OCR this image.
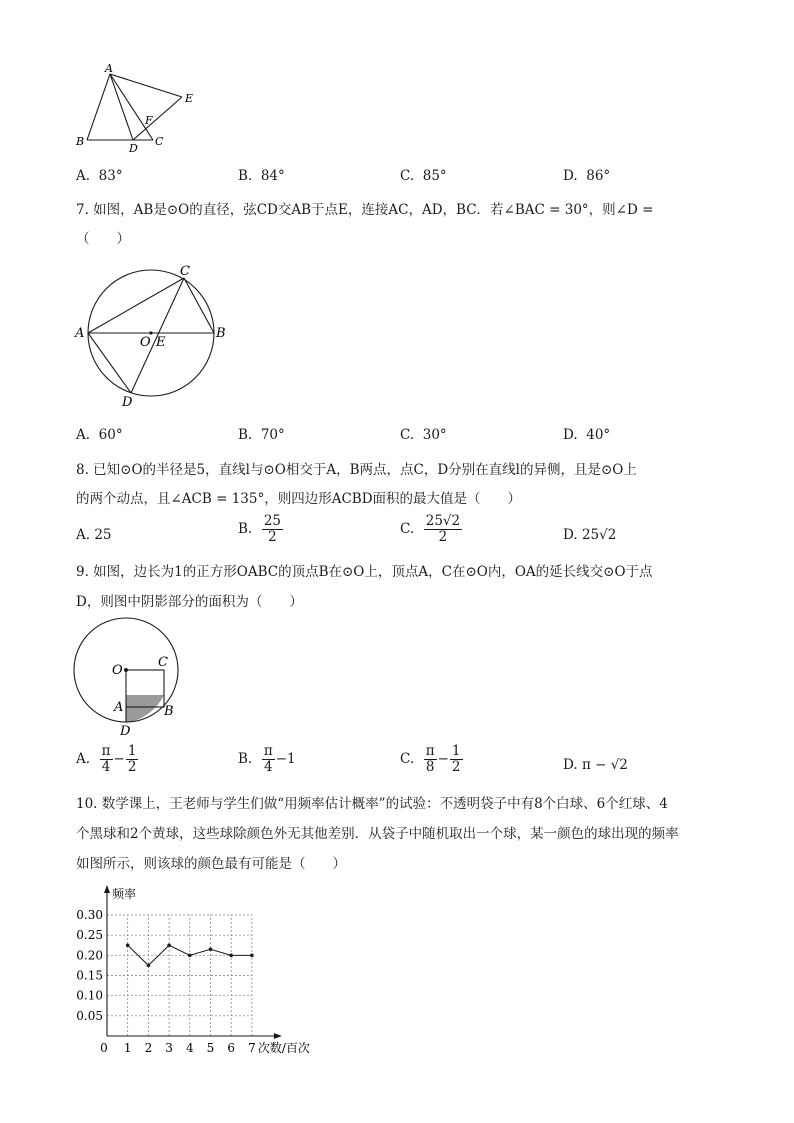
A
B
D
C
E
F
A. 83°	B. 84°	C. 85°	D. 86°
7. 如图，AB是⊙O的直径，弦CD交AB于点E，连接AC，AD，BC．若∠BAC = 30°，则∠D =
（　　）
A	B
C
D
O E
A. 60°	B. 70°	C. 30°	D. 40°
8. 已知⊙O的半径是5，直线l与⊙O相交于A，B两点，点C，D分别在直线l的异侧，且是⊙O上
的两个动点，且∠ACB = 135°，则四边形ACBD面积的最大值是（　　）
A. 25	B. $\frac{25}{2}$	C. $\frac{25√2}{2}$	D. 25√2
9. 如图，边长为1的正方形OABC的顶点B在⊙O上，顶点A，C在⊙O内，OA的延长线交⊙O于点
D，则图中阴影部分的面积为（　　）
O
C
A	B
D
A. $\frac{\pi}{4} - \frac{1}{2}$	B. $\frac{\pi}{4} -1$	C. $\frac{\pi}{8} - \frac{1}{2}$	D. π − √2
10. 数学课上，王老师与学生们做“用频率估计概率”的试验：不透明袋子中有8个白球、6个红球、4
个黑球和2个黄球，这些球除颜色外无其他差别．从袋子中随机取出一个球，某一颜色的球出现的频率
如图所示，则该球的颜色最有可能是（　　）
0.05
0.10
0.15
0.20
0.25
0.30
0 1 2 3 4 5 6 7
频率
次数/百次
